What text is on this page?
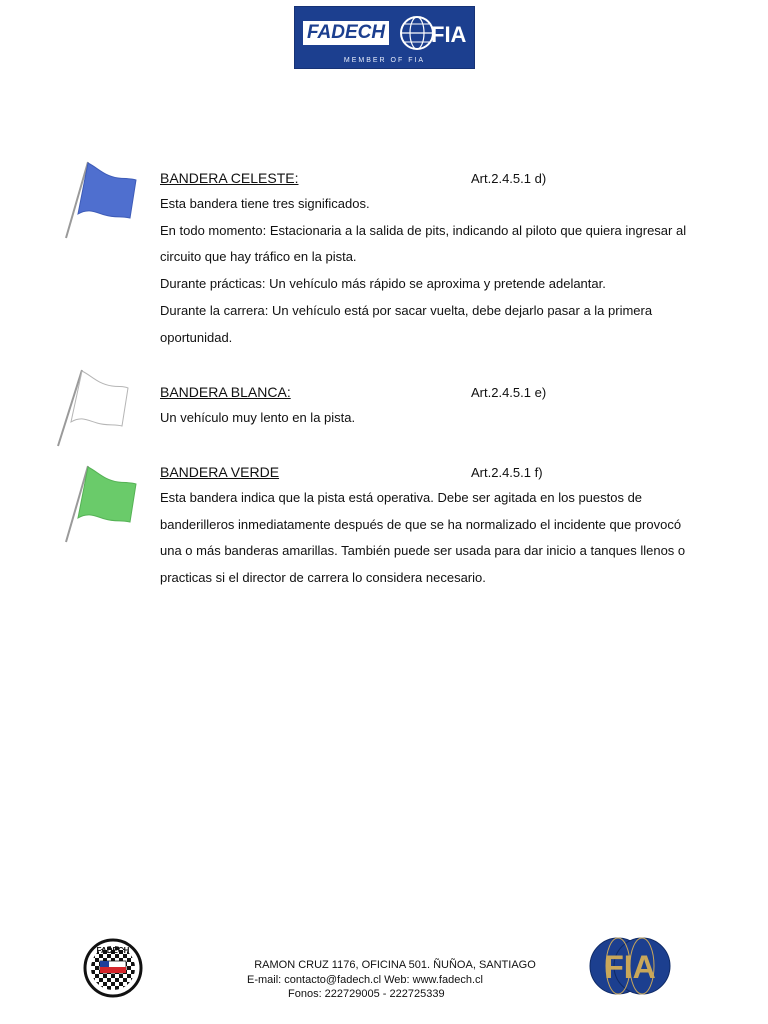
FADECH FIA
MEMBER OF FIA
BANDERA CELESTE:	Art.2.4.5.1 d)

Esta bandera tiene tres significados.

En todo momento: Estacionaria a la salida de pits, indicando al piloto que quiera ingresar al circuito que hay tráfico en la pista.

Durante prácticas: Un vehículo más rápido se aproxima y pretende adelantar.

Durante la carrera: Un vehículo está por sacar vuelta, debe dejarlo pasar a la primera oportunidad.

BANDERA BLANCA:	Art.2.4.5.1 e)

Un vehículo muy lento en la pista.

BANDERA VERDE	Art.2.4.5.1 f)

Esta bandera indica que la pista está operativa. Debe ser agitada en los puestos de banderilleros inmediatamente después de que se ha normalizado el incidente que provocó una o más banderas amarillas. También puede ser usada para dar inicio a tanques llenos o practicas si el director de carrera lo considera necesario.

FADECH
RAMON CRUZ 1176, OFICINA 501. ÑUÑOA, SANTIAGO
E-mail: contacto@fadech.cl Web: www.fadech.cl
Fonos: 222729005 - 222725339
FIA
